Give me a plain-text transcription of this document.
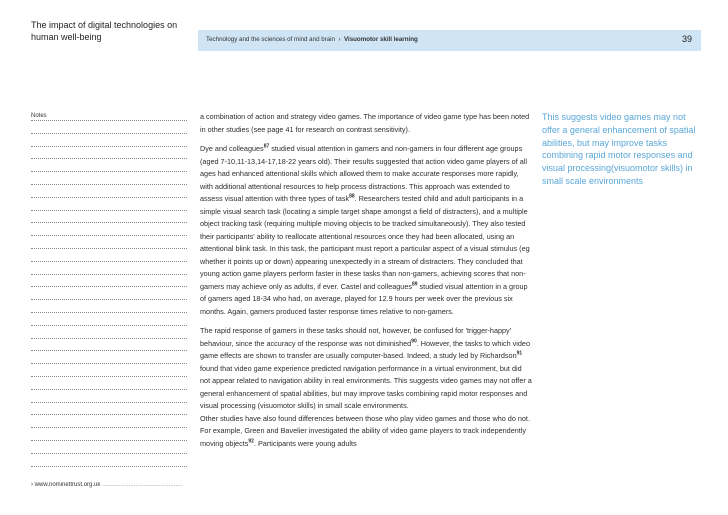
The impact of digital technologies on human well-being	Technology and the sciences of mind and brain › Visuomotor skill learning	39
Notes
› www.nominettrust.org.uk ................................................

a combination of action and strategy video games. The importance of video game type has been noted in other studies (see page 41 for research on contrast sensitivity).

Dye and colleagues$^{87}$ studied visual attention in gamers and non-gamers in four different age groups (aged 7-10,11-13,14-17,18-22 years old). Their results suggested that action video game players of all ages had enhanced attentional skills which allowed them to make accurate responses more rapidly, with additional attentional resources to help process distractions. This approach was extended to assess visual attention with three types of task$^{88}$. Researchers tested child and adult participants in a simple visual search task (locating a simple target shape amongst a field of distracters), and a multiple object tracking task (requiring multiple moving objects to be tracked simultaneously). They also tested their participants' ability to reallocate attentional resources once they had been allocated, using an attentional blink task. In this task, the participant must report a particular aspect of a visual stimulus (eg whether it points up or down) appearing unexpectedly in a stream of distracters. They concluded that young action game players perform faster in these tasks than non-gamers, achieving scores that non-gamers may achieve only as adults, if ever. Castel and colleagues$^{89}$ studied visual attention in a group of gamers aged 18-34 who had, on average, played for 12.9 hours per week over the previous six months. Again, gamers produced faster response times relative to non-gamers.

The rapid response of gamers in these tasks should not, however, be confused for 'trigger-happy' behaviour, since the accuracy of the response was not diminished$^{90}$. However, the tasks to which video game effects are shown to transfer are usually computer-based. Indeed, a study led by Richardson$^{91}$ found that video game experience predicted navigation performance in a virtual environment, but did not appear related to navigation ability in real environments. This suggests video games may not offer a general enhancement of spatial abilities, but may improve tasks combining rapid motor responses and visual processing (visuomotor skills) in small scale environments.

Other studies have also found differences between those who play video games and those who do not. For example, Green and Bavelier investigated the ability of video game players to track independently moving objects$^{92}$. Participants were young adults

This suggests video games may not offer a general enhancement of spatial abilities, but may improve tasks combining rapid motor responses and visual processing(visuomotor skills) in small scale environments
